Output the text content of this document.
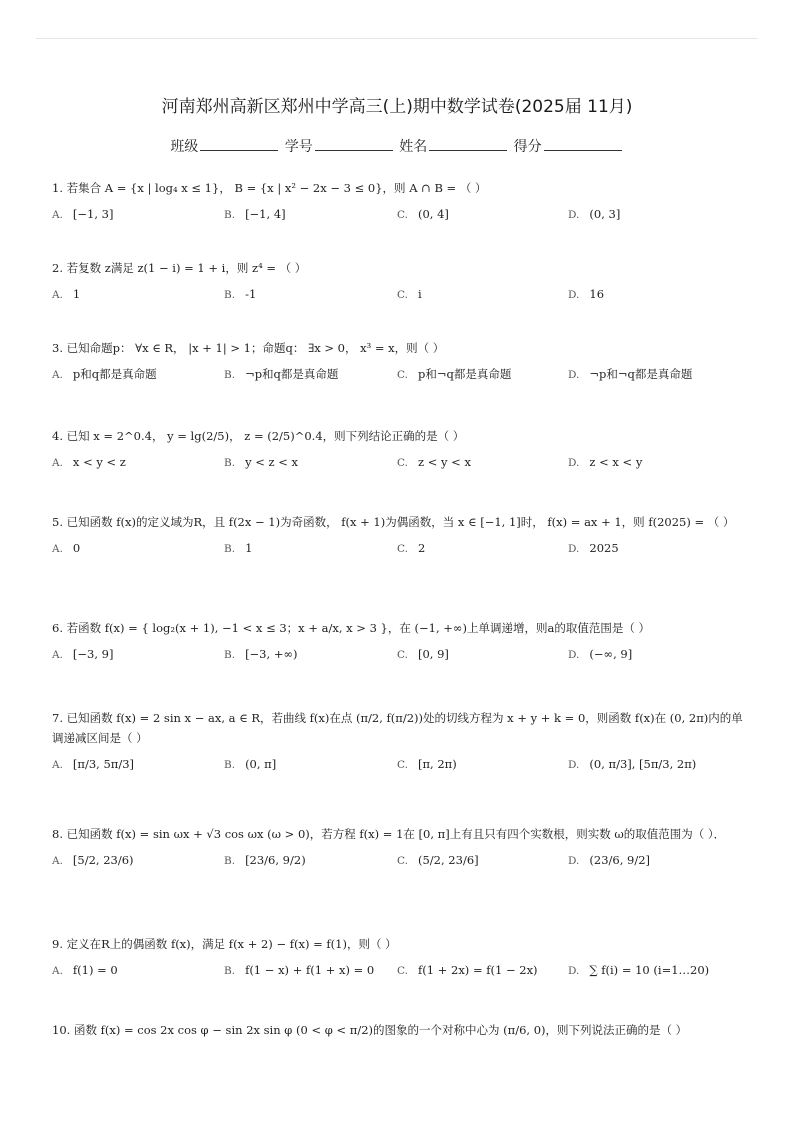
河南郑州高新区郑州中学高三(上)期中数学试卷(2025届 11月)
班级	学号	姓名	得分
1. 若集合 A = {x | log₄ x ≤ 1}， B = {x | x² − 2x − 3 ≤ 0}，则 A ∩ B = （ ）
A. [−1, 3]	B. [−1, 4]	C. (0, 4]	D. (0, 3]
2. 若复数 z满足 z(1 − i) = 1 + i，则 z⁴ = （ ）
A. 1	B. -1	C. i	D. 16
3. 已知命题p： ∀x ∈ R， |x + 1| > 1；命题q： ∃x > 0， x³ = x，则（ ）
A. p和q都是真命题	B. ¬p和q都是真命题	C. p和¬q都是真命题	D. ¬p和¬q都是真命题
4. 已知 x = 2^0.4， y = lg(2/5)， z = (2/5)^0.4，则下列结论正确的是（ ）
A. x < y < z	B. y < z < x	C. z < y < x	D. z < x < y
5. 已知函数 f(x)的定义域为R，且 f(2x − 1)为奇函数， f(x + 1)为偶函数，当 x ∈ [−1, 1]时， f(x) = ax + 1，则 f(2025) = （ ）
A. 0	B. 1	C. 2	D. 2025
6. 若函数 f(x) = { log₂(x + 1), −1 < x ≤ 3；x + a/x, x > 3 }，在 (−1, +∞)上单调递增，则a的取值范围是（ ）
A. [−3, 9]	B. [−3, +∞)	C. [0, 9]	D. (−∞, 9]
7. 已知函数 f(x) = 2 sin x − ax, a ∈ R，若曲线 f(x)在点 (π/2, f(π/2))处的切线方程为 x + y + k = 0，则函数 f(x)在 (0, 2π)内的单调递减区间是（ ）
A. [π/3, 5π/3]	B. (0, π]	C. [π, 2π)	D. (0, π/3], [5π/3, 2π)
8. 已知函数 f(x) = sin ωx + √3 cos ωx (ω > 0)，若方程 f(x) = 1在 [0, π]上有且只有四个实数根，则实数 ω的取值范围为（ ）．
A. [5/2, 23/6)	B. [23/6, 9/2)	C. (5/2, 23/6]	D. (23/6, 9/2]
9. 定义在R上的偶函数 f(x)，满足 f(x + 2) − f(x) = f(1)，则（ ）
A. f(1) = 0	B. f(1 − x) + f(1 + x) = 0 C. f(1 + 2x) = f(1 − 2x)	D. ∑ f(i) = 10 (i=1…20)
10. 函数 f(x) = cos 2x cos φ − sin 2x sin φ (0 < φ < π/2)的图象的一个对称中心为 (π/6, 0)，则下列说法正确的是（ ）
